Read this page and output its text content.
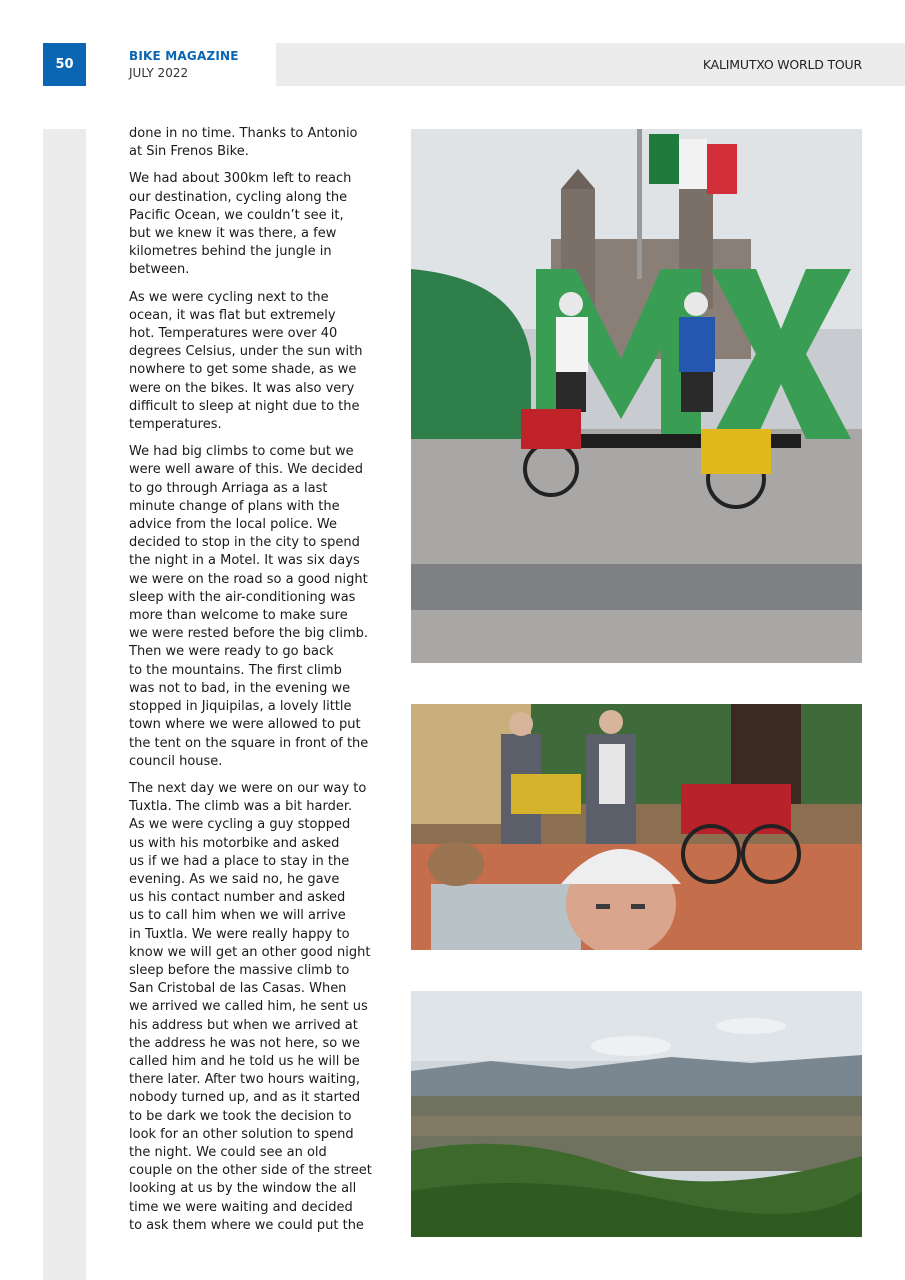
50
BIKE MAGAZINE
JULY 2022
KALIMUTXO WORLD TOUR

done in no time. Thanks to Antonio
at Sin Frenos Bike.

We had about 300km left to reach
our destination, cycling along the
Pacific Ocean, we couldn’t see it,
but we knew it was there, a few
kilometres behind the jungle in
between.

As we were cycling next to the
ocean, it was flat but extremely
hot. Temperatures were over 40
degrees Celsius, under the sun with
nowhere to get some shade, as we
were on the bikes. It was also very
difficult to sleep at night due to the
temperatures.

We had big climbs to come but we
were well aware of this. We decided
to go through Arriaga as a last
minute change of plans with the
advice from the local police. We
decided to stop in the city to spend
the night in a Motel. It was six days
we were on the road so a good night
sleep with the air-conditioning was
more than welcome to make sure
we were rested before the big climb.
Then we were ready to go back
to the mountains. The first climb
was not to bad, in the evening we
stopped in Jiquipilas, a lovely little
town where we were allowed to put
the tent on the square in front of the
council house.

The next day we were on our way to
Tuxtla. The climb was a bit harder.
As we were cycling a guy stopped
us with his motorbike and asked
us if we had a place to stay in the
evening. As we said no, he gave
us his contact number and asked
us to call him when we will arrive
in Tuxtla. We were really happy to
know we will get an other good night
sleep before the massive climb to
San Cristobal de las Casas. When
we arrived we called him, he sent us
his address but when we arrived at
the address he was not here, so we
called him and he told us he will be
there later. After two hours waiting,
nobody turned up, and as it started
to be dark we took the decision to
look for an other solution to spend
the night. We could see an old
couple on the other side of the street
looking at us by the window the all
time we were waiting and decided
to ask them where we could put the

MX
